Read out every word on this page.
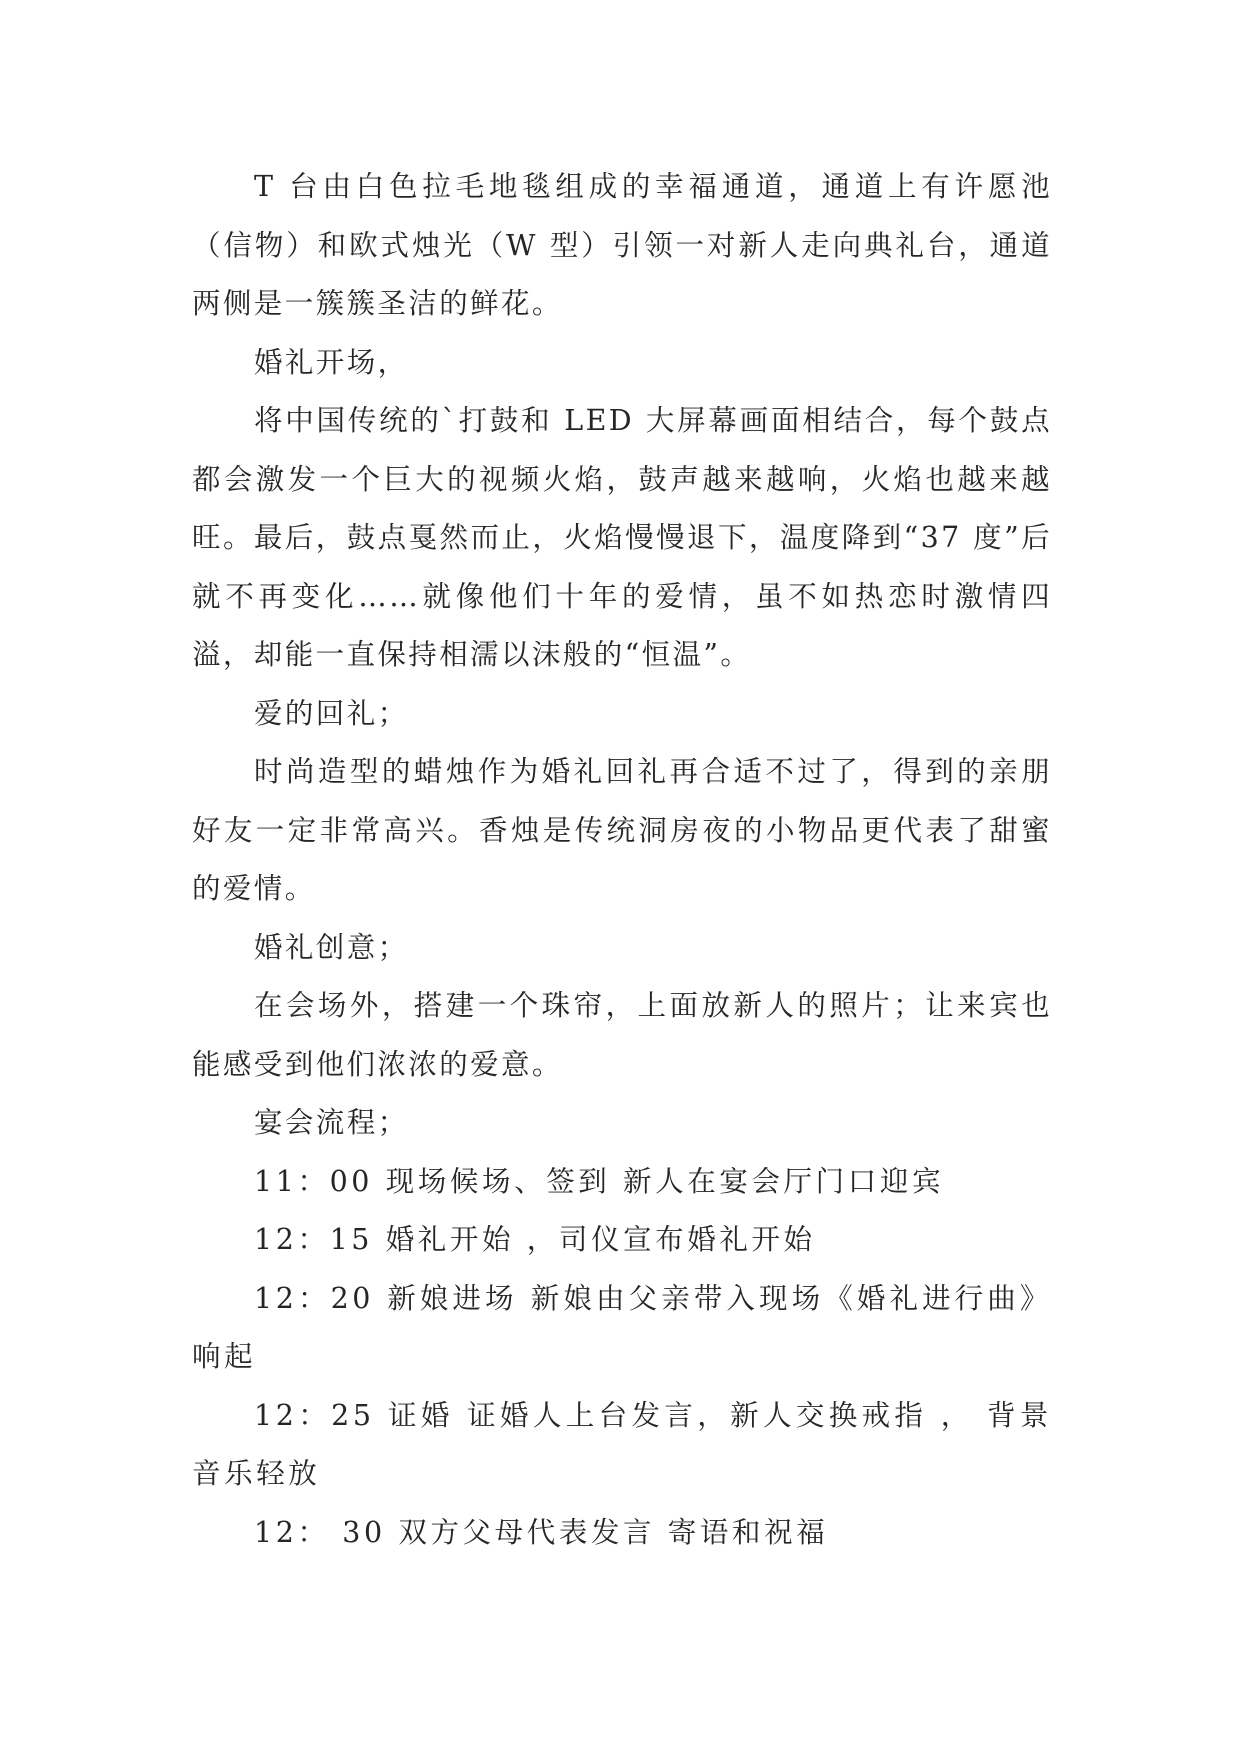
T 台由白色拉毛地毯组成的幸福通道，通道上有许愿池（信物）和欧式烛光（W 型）引领一对新人走向典礼台，通道两侧是一簇簇圣洁的鲜花。

婚礼开场，

将中国传统的`打鼓和 LED 大屏幕画面相结合，每个鼓点都会激发一个巨大的视频火焰，鼓声越来越响，火焰也越来越旺。最后，鼓点戛然而止，火焰慢慢退下，温度降到“37 度”后就不再变化……就像他们十年的爱情，虽不如热恋时激情四溢，却能一直保持相濡以沫般的“恒温”。

爱的回礼；

时尚造型的蜡烛作为婚礼回礼再合适不过了，得到的亲朋好友一定非常高兴。香烛是传统洞房夜的小物品更代表了甜蜜的爱情。

婚礼创意；

在会场外，搭建一个珠帘，上面放新人的照片；让来宾也能感受到他们浓浓的爱意。

宴会流程；

11：00 现场候场、签到 新人在宴会厅门口迎宾

12：15 婚礼开始 ，司仪宣布婚礼开始

12：20 新娘进场 新娘由父亲带入现场《婚礼进行曲》响起

12：25 证婚 证婚人上台发言，新人交换戒指 ， 背景音乐轻放

12： 30 双方父母代表发言 寄语和祝福
